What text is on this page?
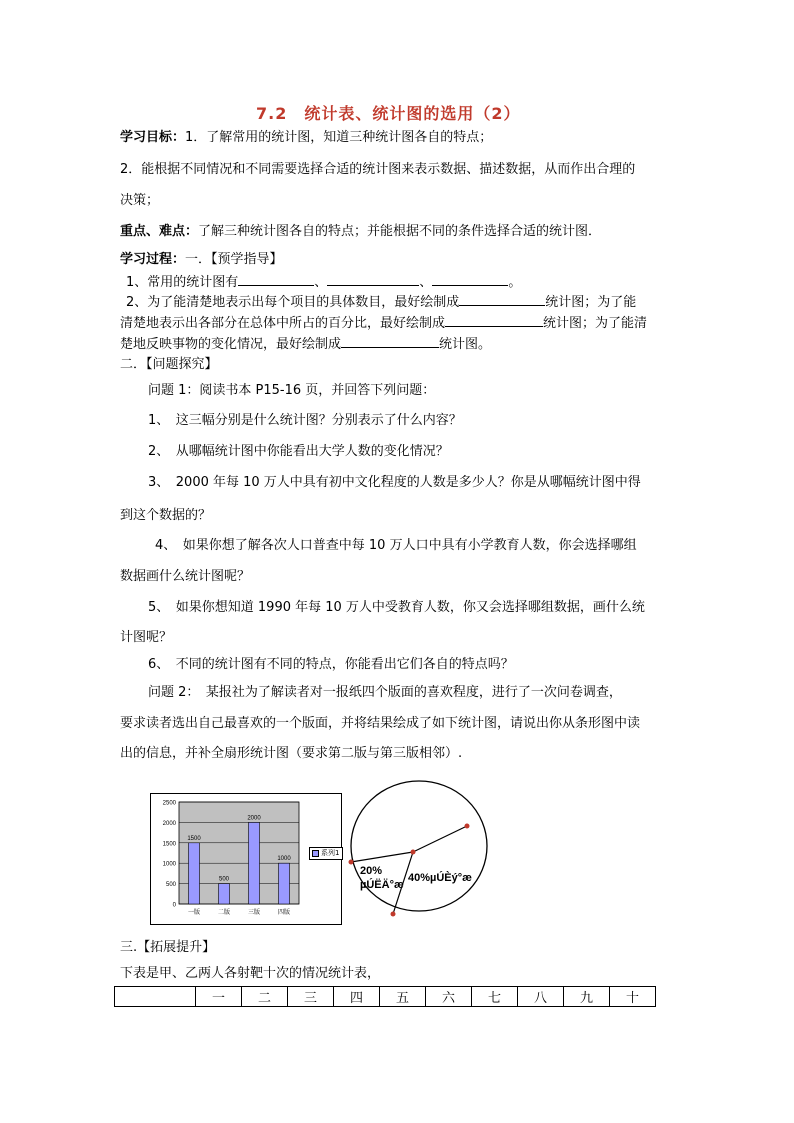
7.2　统计表、统计图的选用（2）
学习目标：1．了解常用的统计图，知道三种统计图各自的特点；
2．能根据不同情况和不同需要选择合适的统计图来表示数据、描述数据，从而作出合理的
决策；
重点、难点：了解三种统计图各自的特点；并能根据不同的条件选择合适的统计图．
学习过程：一．【预学指导】
1、常用的统计图有	、	、	。
2、为了能清楚地表示出每个项目的具体数目，最好绘制成	统计图；为了能
清楚地表示出各部分在总体中所占的百分比，最好绘制成	统计图；为了能清
楚地反映事物的变化情况，最好绘制成	统计图。
二．【问题探究】
问题 1：阅读书本 P15-16 页，并回答下列问题：
1、　这三幅分别是什么统计图？分别表示了什么内容？
2、　从哪幅统计图中你能看出大学人数的变化情况？
3、　2000 年每 10 万人中具有初中文化程度的人数是多少人？你是从哪幅统计图中得
到这个数据的？
4、　如果你想了解各次人口普查中每 10 万人口中具有小学教育人数，你会选择哪组
数据画什么统计图呢？
5、　如果你想知道 1990 年每 10 万人中受教育人数，你又会选择哪组数据，画什么统
计图呢？
6、　不同的统计图有不同的特点，你能看出它们各自的特点吗？
问题 2：　某报社为了解读者对一报纸四个版面的喜欢程度，进行了一次问卷调查，
要求读者选出自己最喜欢的一个版面，并将结果绘成了如下统计图，请说出你从条形图中读
出的信息，并补全扇形统计图（要求第二版与第三版相邻）.
0
500
1000
1500
2000
2500
1500
一版
500
二版
2000
三版
1000
四版
系列1
20%
µÚËÄ°æ
40%µÚÈý°æ
三.【拓展提升】
下表是甲、乙两人各射靶十次的情况统计表，
	一	二	三	四	五	六	七	八	九	十
